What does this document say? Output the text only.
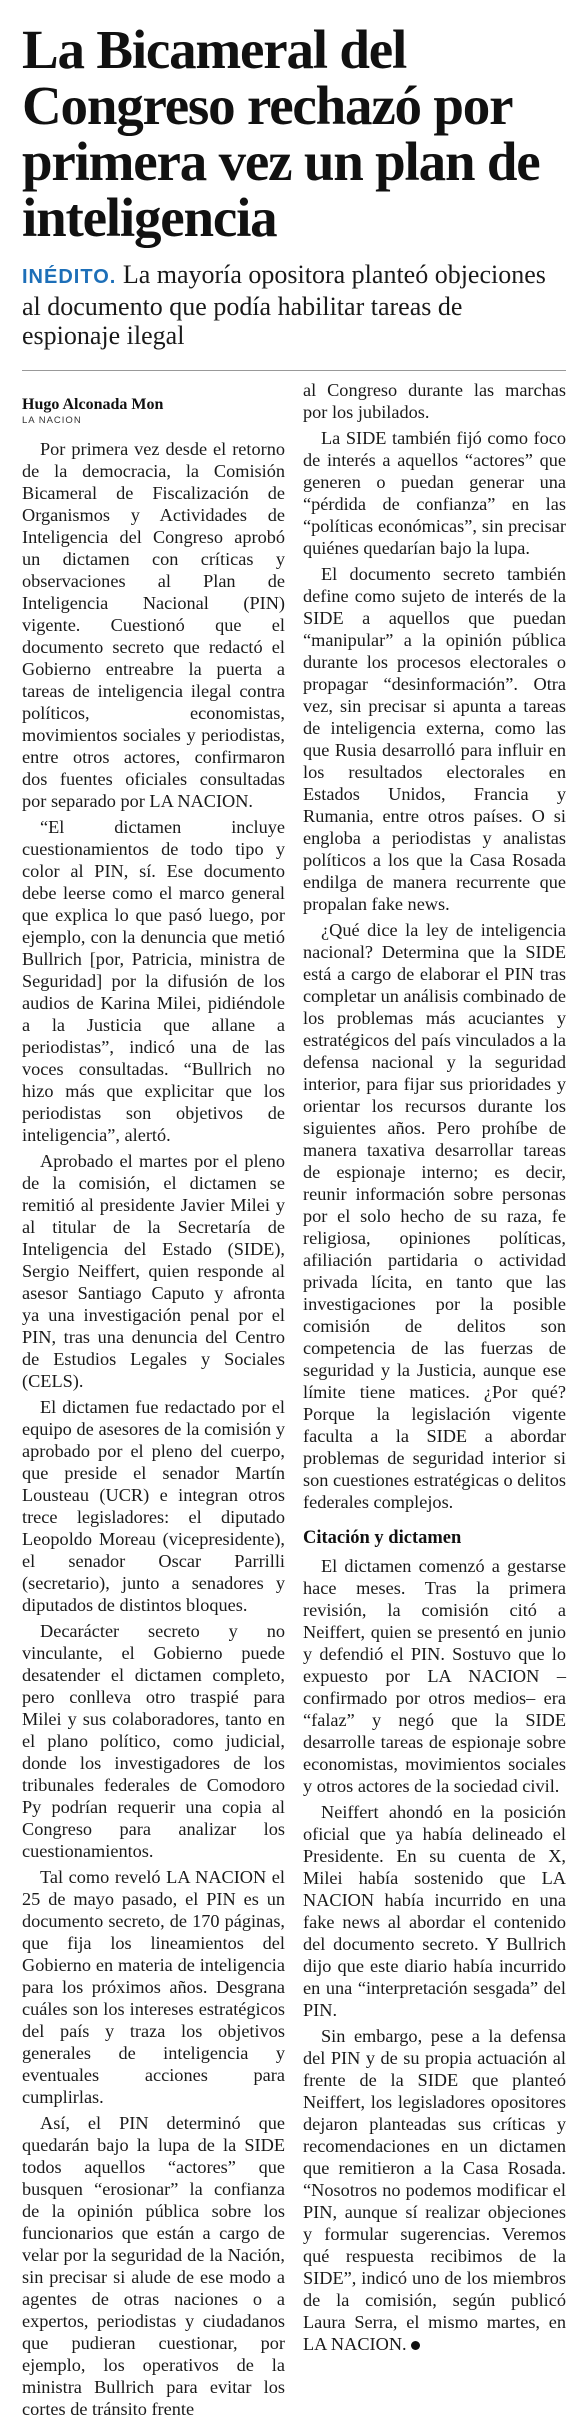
La Bicameral del Congreso rechazó por primera vez un plan de inteligencia
INÉDITO. La mayoría opositora planteó objeciones al documento que podía habilitar tareas de espionaje ilegal
Hugo Alconada Mon
LA NACION

Por primera vez desde el retorno de la democracia, la Comisión Bicameral de Fiscalización de Organismos y Actividades de Inteligencia del Congreso aprobó un dictamen con críticas y observaciones al Plan de Inteligencia Nacional (PIN) vigente. Cuestionó que el documento secreto que redactó el Gobierno entreabre la puerta a tareas de inteligencia ilegal contra políticos, economistas, movimientos sociales y periodistas, entre otros actores, confirmaron dos fuentes oficiales consultadas por separado por LA NACION.

“El dictamen incluye cuestionamientos de todo tipo y color al PIN, sí. Ese documento debe leerse como el marco general que explica lo que pasó luego, por ejemplo, con la denuncia que metió Bullrich [por, Patricia, ministra de Seguridad] por la difusión de los audios de Karina Milei, pidiéndole a la Justicia que allane a periodistas”, indicó una de las voces consultadas. “Bullrich no hizo más que explicitar que los periodistas son objetivos de inteligencia”, alertó.

Aprobado el martes por el pleno de la comisión, el dictamen se remitió al presidente Javier Milei y al titular de la Secretaría de Inteligencia del Estado (SIDE), Sergio Neiffert, quien responde al asesor Santiago Caputo y afronta ya una investigación penal por el PIN, tras una denuncia del Centro de Estudios Legales y Sociales (CELS).

El dictamen fue redactado por el equipo de asesores de la comisión y aprobado por el pleno del cuerpo, que preside el senador Martín Lousteau (UCR) e integran otros trece legisladores: el diputado Leopoldo Moreau (vicepresidente), el senador Oscar Parrilli (secretario), junto a senadores y diputados de distintos bloques.

Decarácter secreto y no vinculante, el Gobierno puede desatender el dictamen completo, pero conlleva otro traspié para Milei y sus colaboradores, tanto en el plano político, como judicial, donde los investigadores de los tribunales federales de Comodoro Py podrían requerir una copia al Congreso para analizar los cuestionamientos.

Tal como reveló LA NACION el 25 de mayo pasado, el PIN es un documento secreto, de 170 páginas, que fija los lineamientos del Gobierno en materia de inteligencia para los próximos años. Desgrana cuáles son los intereses estratégicos del país y traza los objetivos generales de inteligencia y eventuales acciones para cumplirlas.

Así, el PIN determinó que quedarán bajo la lupa de la SIDE todos aquellos “actores” que busquen “erosionar” la confianza de la opinión pública sobre los funcionarios que están a cargo de velar por la seguridad de la Nación, sin precisar si alude de ese modo a agentes de otras naciones o a expertos, periodistas y ciudadanos que pudieran cuestionar, por ejemplo, los operativos de la ministra Bullrich para evitar los cortes de tránsito frente

al Congreso durante las marchas por los jubilados.

La SIDE también fijó como foco de interés a aquellos “actores” que generen o puedan generar una “pérdida de confianza” en las “políticas económicas”, sin precisar quiénes quedarían bajo la lupa.

El documento secreto también define como sujeto de interés de la SIDE a aquellos que puedan “manipular” a la opinión pública durante los procesos electorales o propagar “desinformación”. Otra vez, sin precisar si apunta a tareas de inteligencia externa, como las que Rusia desarrolló para influir en los resultados electorales en Estados Unidos, Francia y Rumania, entre otros países. O si engloba a periodistas y analistas políticos a los que la Casa Rosada endilga de manera recurrente que propalan fake news.

¿Qué dice la ley de inteligencia nacional? Determina que la SIDE está a cargo de elaborar el PIN tras completar un análisis combinado de los problemas más acuciantes y estratégicos del país vinculados a la defensa nacional y la seguridad interior, para fijar sus prioridades y orientar los recursos durante los siguientes años. Pero prohíbe de manera taxativa desarrollar tareas de espionaje interno; es decir, reunir información sobre personas por el solo hecho de su raza, fe religiosa, opiniones políticas, afiliación partidaria o actividad privada lícita, en tanto que las investigaciones por la posible comisión de delitos son competencia de las fuerzas de seguridad y la Justicia, aunque ese límite tiene matices. ¿Por qué? Porque la legislación vigente faculta a la SIDE a abordar problemas de seguridad interior si son cuestiones estratégicas o delitos federales complejos.

Citación y dictamen

El dictamen comenzó a gestarse hace meses. Tras la primera revisión, la comisión citó a Neiffert, quien se presentó en junio y defendió el PIN. Sostuvo que lo expuesto por LA NACION –confirmado por otros medios– era “falaz” y negó que la SIDE desarrolle tareas de espionaje sobre economistas, movimientos sociales y otros actores de la sociedad civil.

Neiffert ahondó en la posición oficial que ya había delineado el Presidente. En su cuenta de X, Milei había sostenido que LA NACION había incurrido en una fake news al abordar el contenido del documento secreto. Y Bullrich dijo que este diario había incurrido en una “interpretación sesgada” del PIN.

Sin embargo, pese a la defensa del PIN y de su propia actuación al frente de la SIDE que planteó Neiffert, los legisladores opositores dejaron planteadas sus críticas y recomendaciones en un dictamen que remitieron a la Casa Rosada. “Nosotros no podemos modificar el PIN, aunque sí realizar objeciones y formular sugerencias. Veremos qué respuesta recibimos de la SIDE”, indicó uno de los miembros de la comisión, según publicó Laura Serra, el mismo martes, en LA NACION.
